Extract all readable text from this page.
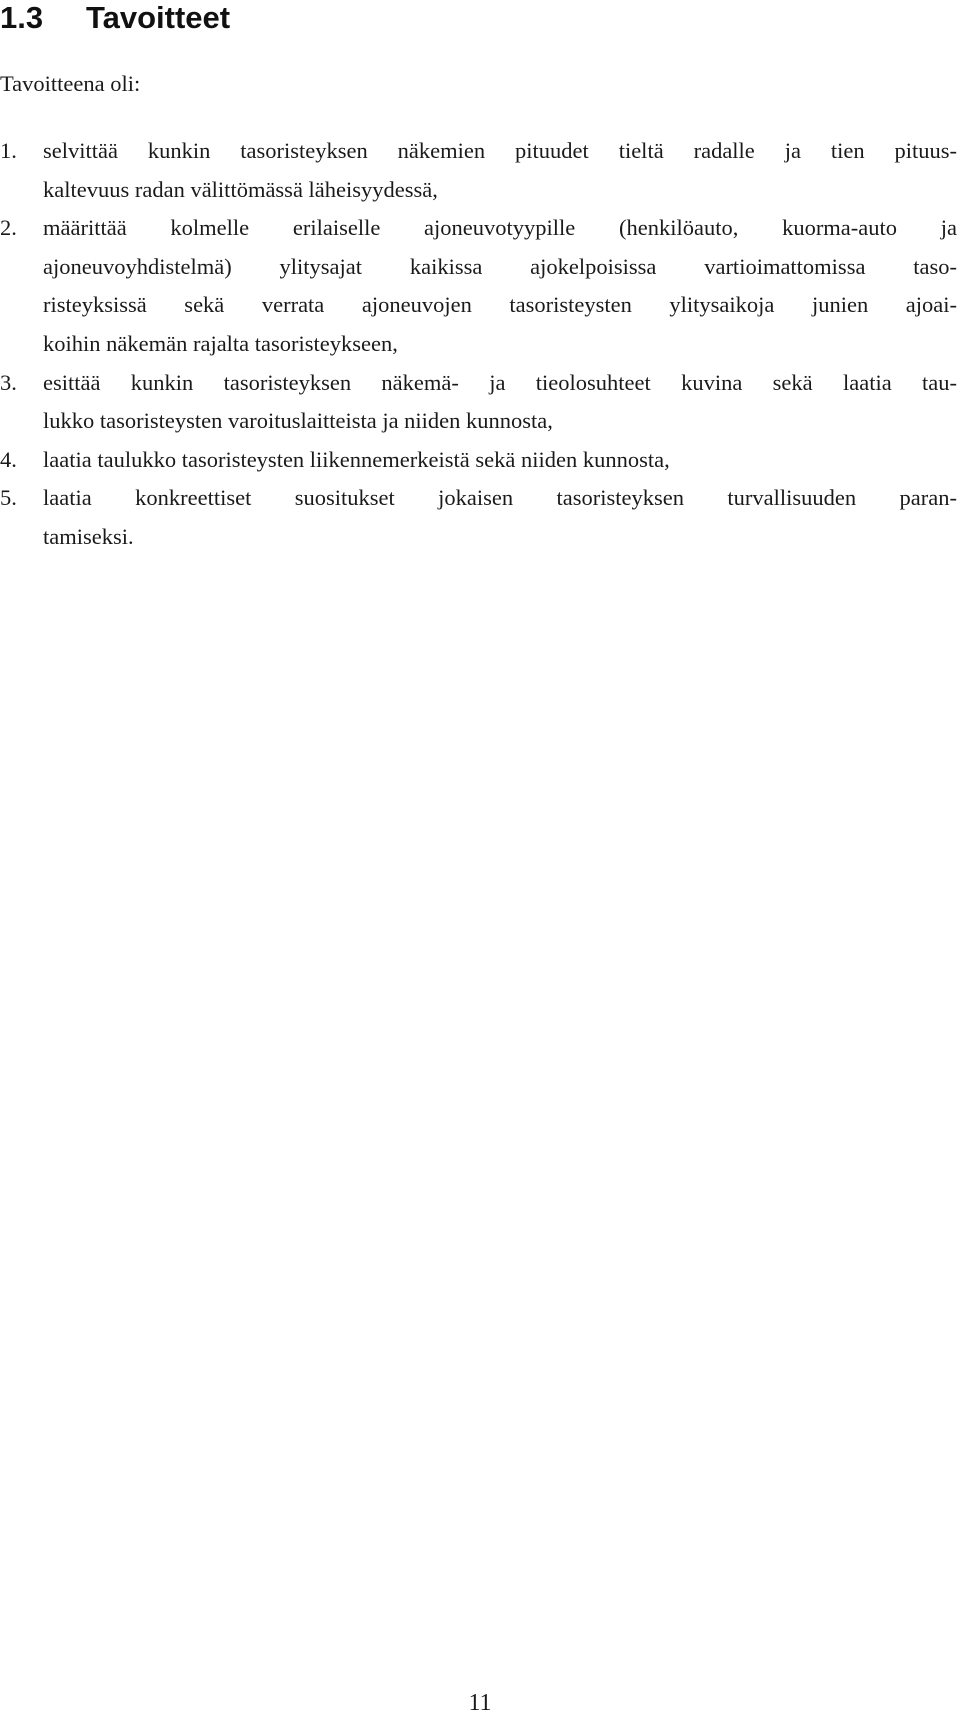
1.3 Tavoitteet

Tavoitteena oli:

1. selvittää kunkin tasoristeyksen näkemien pituudet tieltä radalle ja tien pituus-
kaltevuus radan välittömässä läheisyydessä,
2. määrittää kolmelle erilaiselle ajoneuvotyypille (henkilöauto, kuorma-auto ja
ajoneuvoyhdistelmä) ylitysajat kaikissa ajokelpoisissa vartioimattomissa taso-
risteyksissä sekä verrata ajoneuvojen tasoristeysten ylitysaikoja junien ajoai-
koihin näkemän rajalta tasoristeykseen,
3. esittää kunkin tasoristeyksen näkemä- ja tieolosuhteet kuvina sekä laatia tau-
lukko tasoristeysten varoituslaitteista ja niiden kunnosta,
4. laatia taulukko tasoristeysten liikennemerkeistä sekä niiden kunnosta,
5. laatia konkreettiset suositukset jokaisen tasoristeyksen turvallisuuden paran-
tamiseksi.
11
